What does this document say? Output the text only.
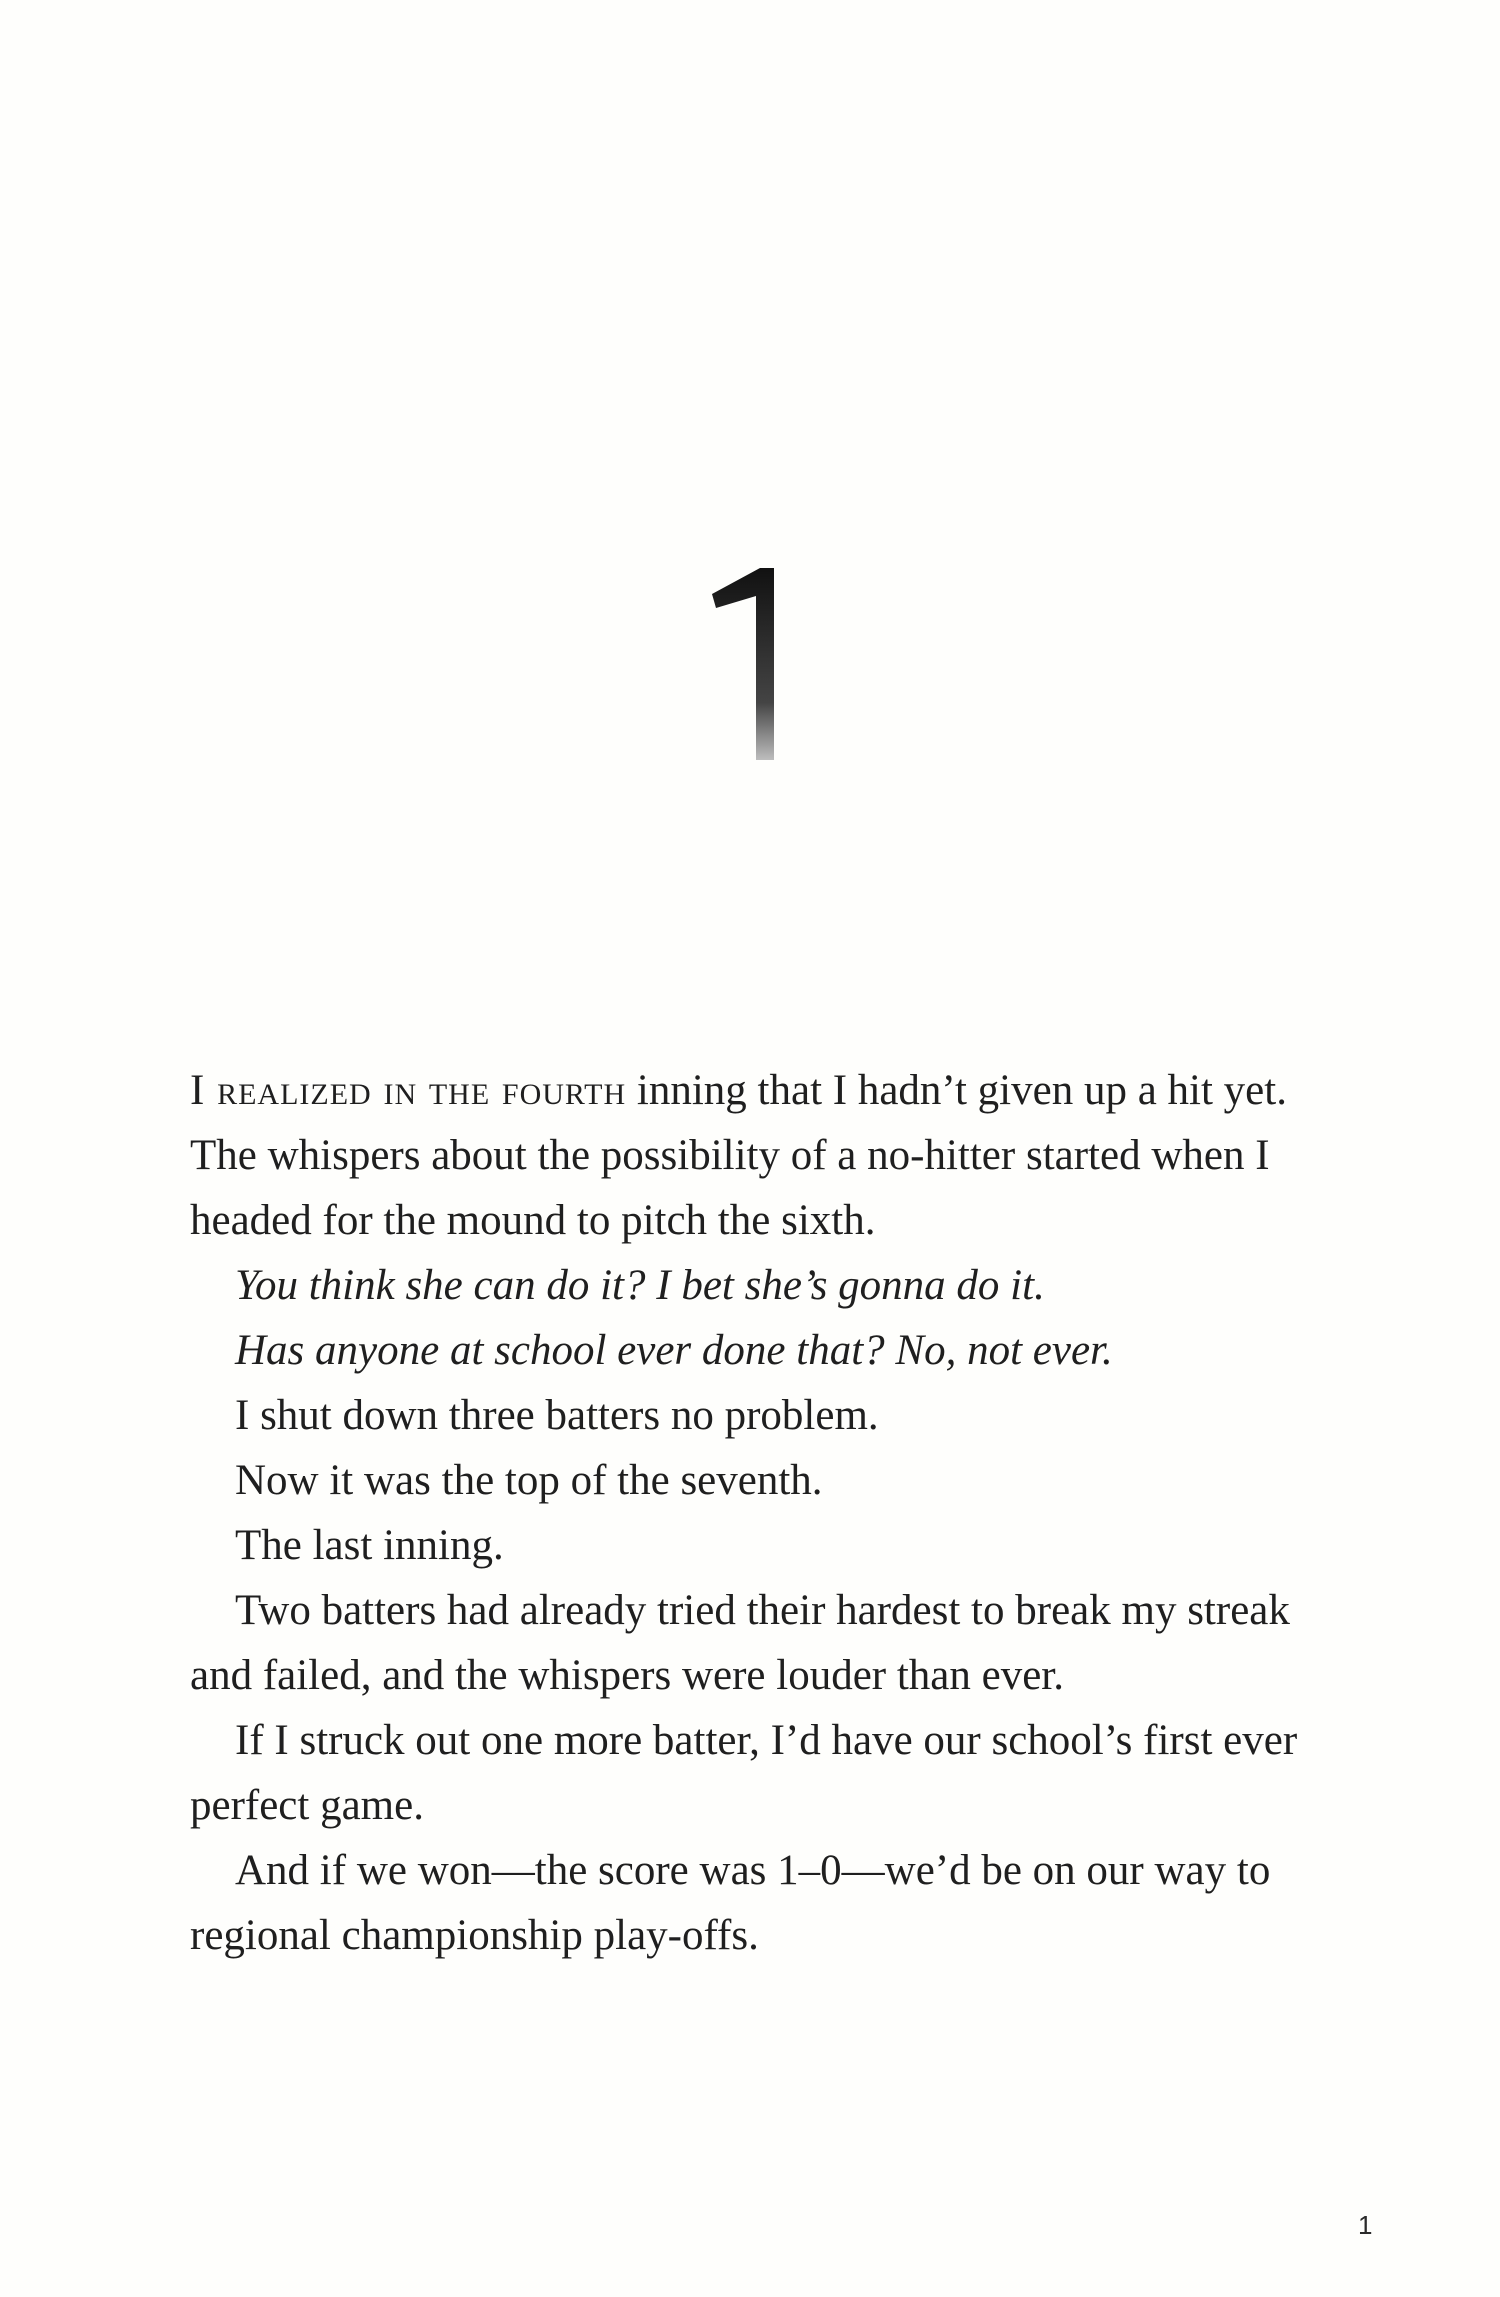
I realized in the fourth inning that I hadn’t given up a hit yet. The whispers about the possibility of a no-hitter started when I headed for the mound to pitch the sixth.

You think she can do it? I bet she’s gonna do it.

Has anyone at school ever done that? No, not ever.

I shut down three batters no problem.

Now it was the top of the seventh.

The last inning.

Two batters had already tried their hardest to break my streak and failed, and the whispers were louder than ever.

If I struck out one more batter, I’d have our school’s first ever perfect game.

And if we won—the score was 1–0—we’d be on our way to regional championship play-offs.

1
